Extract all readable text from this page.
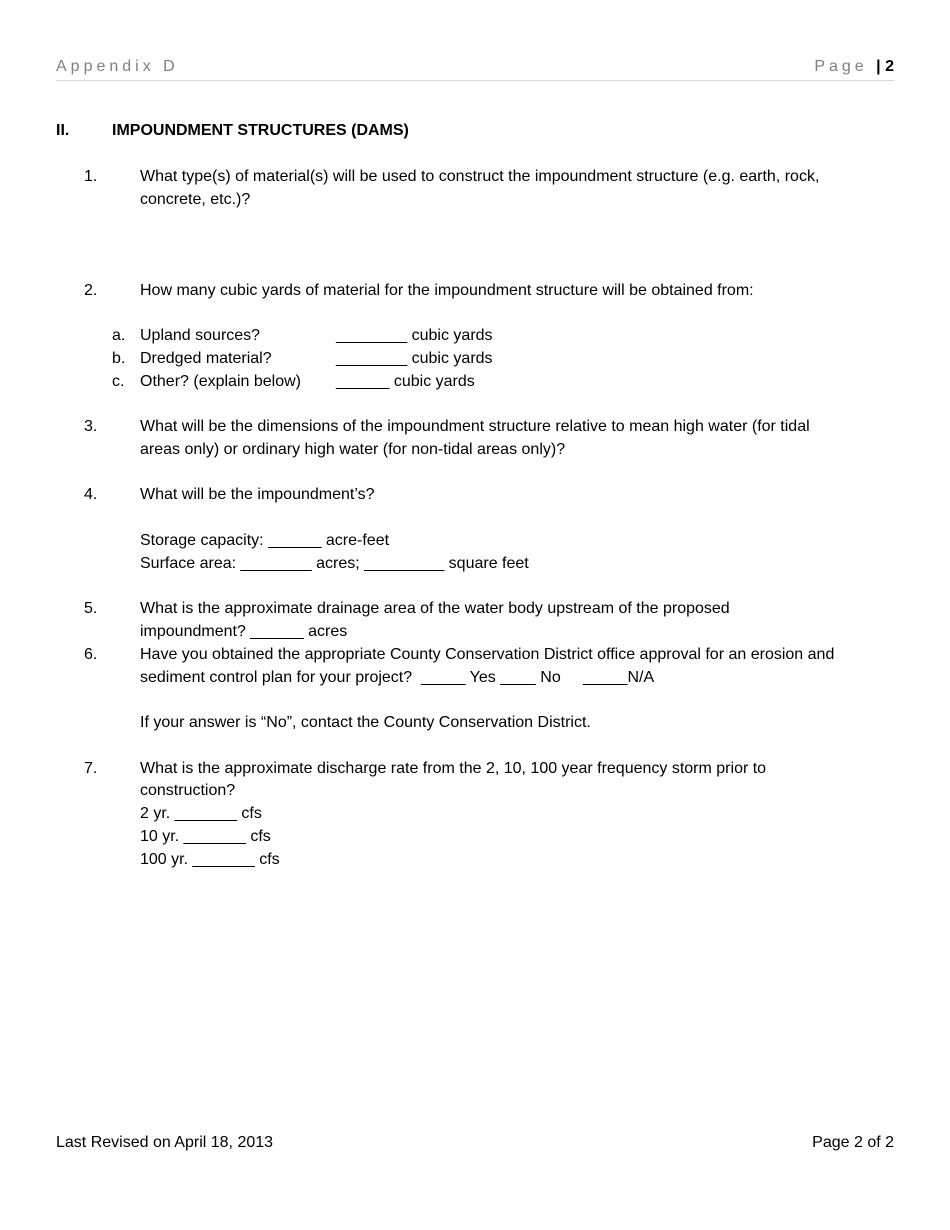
Appendix D	Page | 2
II.	IMPOUNDMENT STRUCTURES (DAMS)
1.	What type(s) of material(s) will be used to construct the impoundment structure (e.g. earth, rock,
concrete, etc.)?
2.	How many cubic yards of material for the impoundment structure will be obtained from:
a. Upland sources?	________ cubic yards
b. Dredged material?	________ cubic yards
c. Other? (explain below) ______ cubic yards
3.	What will be the dimensions of the impoundment structure relative to mean high water (for tidal
areas only) or ordinary high water (for non-tidal areas only)?
4.	What will be the impoundment’s?
Storage capacity: ______ acre-feet
Surface area: ________ acres; _________ square feet
5.	What is the approximate drainage area of the water body upstream of the proposed
impoundment? ______ acres
6.	Have you obtained the appropriate County Conservation District office approval for an erosion and
sediment control plan for your project?  _____ Yes ____ No     _____N/A
If your answer is “No”, contact the County Conservation District.
7.	What is the approximate discharge rate from the 2, 10, 100 year frequency storm prior to
construction?
2 yr. _______ cfs
10 yr. _______ cfs
100 yr. _______ cfs
Last Revised on April 18, 2013	Page 2 of 2
